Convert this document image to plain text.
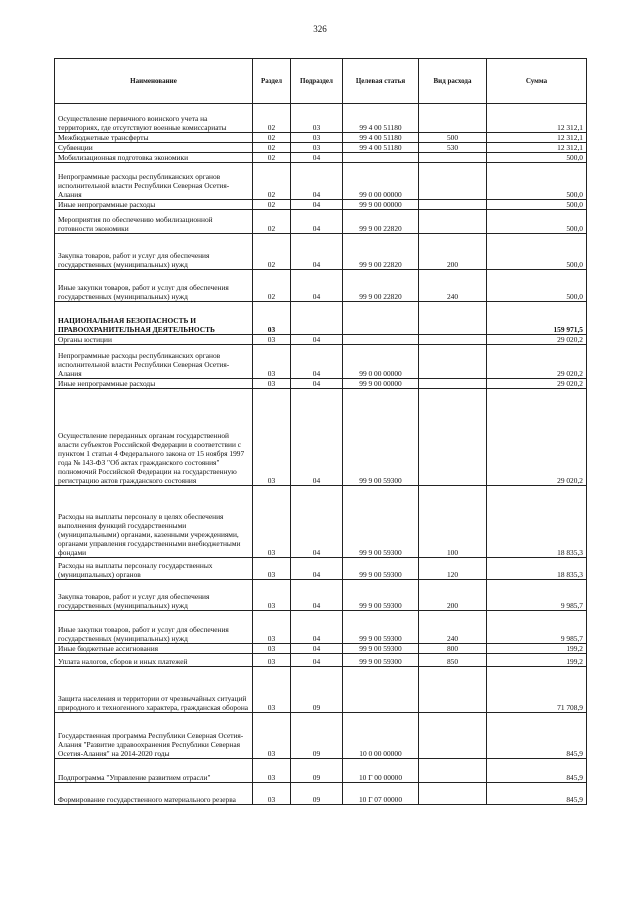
326
Наименование	Раздел	Подраздел	Целевая статья	Вид расхода	Сумма
Осуществление первичного воинского учета на территориях, где отсутствуют военные комиссариаты	02	03	99 4 00 51180		12 312,1
Межбюджетные трансферты	02	03	99 4 00 51180	500	12 312,1
Субвенции	02	03	99 4 00 51180	530	12 312,1
Мобилизационная подготовка экономики	02	04			500,0
Непрограммные расходы республиканских органов исполнительной власти Республики Северная Осетия-Алания	02	04	99 0 00 00000		500,0
Иные непрограммные расходы	02	04	99 9 00 00000		500,0
Мероприятия по обеспечению мобилизационной готовности экономики	02	04	99 9 00 22820		500,0
Закупка товаров, работ и услуг для обеспечения государственных (муниципальных) нужд	02	04	99 9 00 22820	200	500,0
Иные закупки товаров, работ и услуг для обеспечения государственных (муниципальных) нужд	02	04	99 9 00 22820	240	500,0
НАЦИОНАЛЬНАЯ БЕЗОПАСНОСТЬ И ПРАВООХРАНИТЕЛЬНАЯ ДЕЯТЕЛЬНОСТЬ	03				159 971,5
Органы юстиции	03	04			29 020,2
Непрограммные расходы республиканских органов исполнительной власти Республики Северная Осетия-Алания	03	04	99 0 00 00000		29 020,2
Иные непрограммные расходы	03	04	99 9 00 00000		29 020,2
Осуществление переданных органам государственной власти субъектов Российской Федерации в соответствии с пунктом 1 статьи 4 Федерального закона от 15 ноября 1997 года № 143-ФЗ "Об актах гражданского состояния" полномочий Российской Федерации на государственную регистрацию актов гражданского состояния	03	04	99 9 00 59300		29 020,2
Расходы на выплаты персоналу в целях обеспечения выполнения функций государственными (муниципальными) органами, казенными учреждениями, органами управления государственными внебюджетными фондами	03	04	99 9 00 59300	100	18 835,3
Расходы на выплаты персоналу государственных (муниципальных) органов	03	04	99 9 00 59300	120	18 835,3
Закупка товаров, работ и услуг для обеспечения государственных (муниципальных) нужд	03	04	99 9 00 59300	200	9 985,7
Иные закупки товаров, работ и услуг для обеспечения государственных (муниципальных) нужд	03	04	99 9 00 59300	240	9 985,7
Иные бюджетные ассигнования	03	04	99 9 00 59300	800	199,2
Уплата налогов, сборов и иных платежей	03	04	99 9 00 59300	850	199,2
Защита населения и территории от чрезвычайных ситуаций природного и техногенного характера, гражданская оборона	03	09			71 708,9
Государственная программа Республики Северная Осетия-Алания "Развитие здравоохранения Республики Северная Осетия-Алания" на 2014-2020 годы	03	09	10 0 00 00000		845,9
Подпрограмма "Управление развитием отрасли"	03	09	10 Г 00 00000		845,9
Формирование государственного материального резерва	03	09	10 Г 07 00000		845,9
